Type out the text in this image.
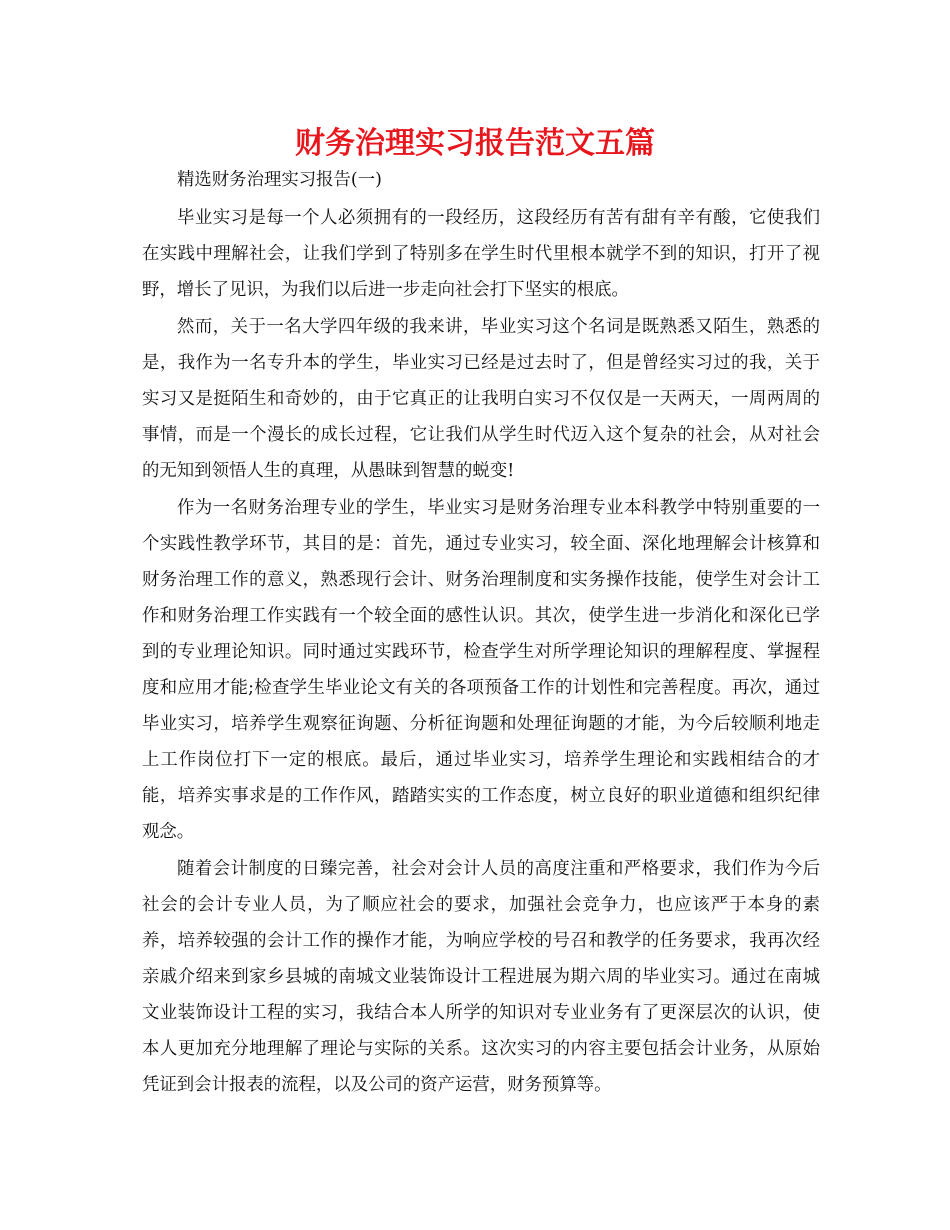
财务治理实习报告范文五篇

精选财务治理实习报告(一)

毕业实习是每一个人必须拥有的一段经历，这段经历有苦有甜有辛有酸，它使我们在实践中理解社会，让我们学到了特别多在学生时代里根本就学不到的知识，打开了视野，增长了见识，为我们以后进一步走向社会打下坚实的根底。

然而，关于一名大学四年级的我来讲，毕业实习这个名词是既熟悉又陌生，熟悉的是，我作为一名专升本的学生，毕业实习已经是过去时了，但是曾经实习过的我，关于实习又是挺陌生和奇妙的，由于它真正的让我明白实习不仅仅是一天两天，一周两周的事情，而是一个漫长的成长过程，它让我们从学生时代迈入这个复杂的社会，从对社会的无知到领悟人生的真理，从愚昧到智慧的蜕变!

作为一名财务治理专业的学生，毕业实习是财务治理专业本科教学中特别重要的一个实践性教学环节，其目的是：首先，通过专业实习，较全面、深化地理解会计核算和财务治理工作的意义，熟悉现行会计、财务治理制度和实务操作技能，使学生对会计工作和财务治理工作实践有一个较全面的感性认识。其次，使学生进一步消化和深化已学到的专业理论知识。同时通过实践环节，检查学生对所学理论知识的理解程度、掌握程度和应用才能;检查学生毕业论文有关的各项预备工作的计划性和完善程度。再次，通过毕业实习，培养学生观察征询题、分析征询题和处理征询题的才能，为今后较顺利地走上工作岗位打下一定的根底。最后，通过毕业实习，培养学生理论和实践相结合的才能，培养实事求是的工作作风，踏踏实实的工作态度，树立良好的职业道德和组织纪律观念。

随着会计制度的日臻完善，社会对会计人员的高度注重和严格要求，我们作为今后社会的会计专业人员，为了顺应社会的要求，加强社会竞争力，也应该严于本身的素养，培养较强的会计工作的操作才能，为响应学校的号召和教学的任务要求，我再次经亲戚介绍来到家乡县城的南城文业装饰设计工程进展为期六周的毕业实习。通过在南城文业装饰设计工程的实习，我结合本人所学的知识对专业业务有了更深层次的认识，使本人更加充分地理解了理论与实际的关系。这次实习的内容主要包括会计业务，从原始凭证到会计报表的流程，以及公司的资产运营，财务预算等。
